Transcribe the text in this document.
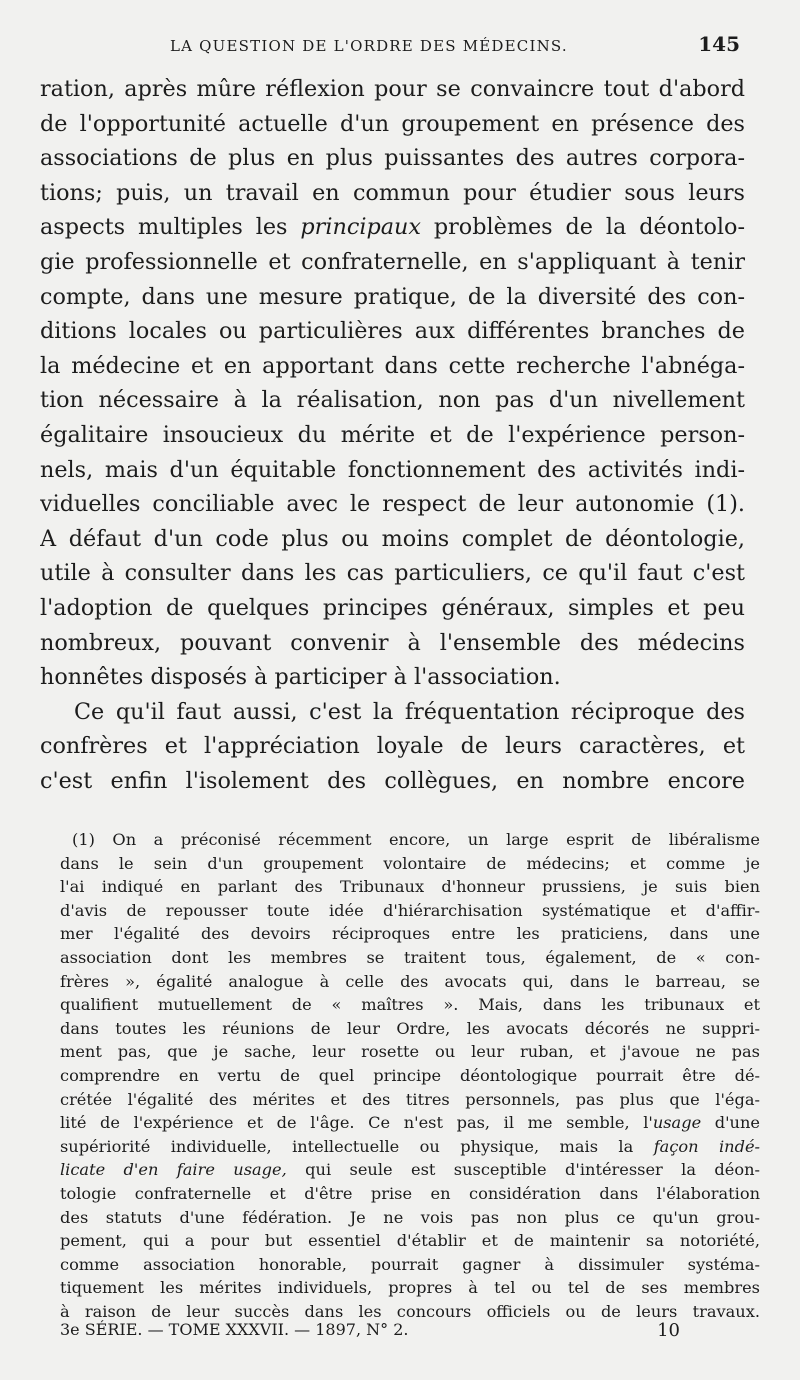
LA QUESTION DE L'ORDRE DES MÉDECINS.	145
ration, après mûre réflexion pour se convaincre tout d'abord
de l'opportunité actuelle d'un groupement en présence des
associations de plus en plus puissantes des autres corpora-
tions; puis, un travail en commun pour étudier sous leurs
aspects multiples les principaux problèmes de la déontolo-
gie professionnelle et confraternelle, en s'appliquant à tenir
compte, dans une mesure pratique, de la diversité des con-
ditions locales ou particulières aux différentes branches de
la médecine et en apportant dans cette recherche l'abnéga-
tion nécessaire à la réalisation, non pas d'un nivellement
égalitaire insoucieux du mérite et de l'expérience person-
nels, mais d'un équitable fonctionnement des activités indi-
viduelles conciliable avec le respect de leur autonomie (1).
A défaut d'un code plus ou moins complet de déontologie,
utile à consulter dans les cas particuliers, ce qu'il faut c'est
l'adoption de quelques principes généraux, simples et peu
nombreux, pouvant convenir à l'ensemble des médecins
honnêtes disposés à participer à l'association.
Ce qu'il faut aussi, c'est la fréquentation réciproque des
confrères et l'appréciation loyale de leurs caractères, et
c'est enfin l'isolement des collègues, en nombre encore
(1) On a préconisé récemment encore, un large esprit de libéralisme
dans le sein d'un groupement volontaire de médecins; et comme je
l'ai indiqué en parlant des Tribunaux d'honneur prussiens, je suis bien
d'avis de repousser toute idée d'hiérarchisation systématique et d'affir-
mer l'égalité des devoirs réciproques entre les praticiens, dans une
association dont les membres se traitent tous, également, de « con-
frères », égalité analogue à celle des avocats qui, dans le barreau, se
qualifient mutuellement de « maîtres ». Mais, dans les tribunaux et
dans toutes les réunions de leur Ordre, les avocats décorés ne suppri-
ment pas, que je sache, leur rosette ou leur ruban, et j'avoue ne pas
comprendre en vertu de quel principe déontologique pourrait être dé-
crétée l'égalité des mérites et des titres personnels, pas plus que l'éga-
lité de l'expérience et de l'âge. Ce n'est pas, il me semble, l'usage d'une
supériorité individuelle, intellectuelle ou physique, mais la façon indé-
licate d'en faire usage, qui seule est susceptible d'intéresser la déon-
tologie confraternelle et d'être prise en considération dans l'élaboration
des statuts d'une fédération. Je ne vois pas non plus ce qu'un grou-
pement, qui a pour but essentiel d'établir et de maintenir sa notoriété,
comme association honorable, pourrait gagner à dissimuler systéma-
tiquement les mérites individuels, propres à tel ou tel de ses membres
à raison de leur succès dans les concours officiels ou de leurs travaux.
3e SÉRIE. — TOME XXXVII. — 1897, N° 2.	10
